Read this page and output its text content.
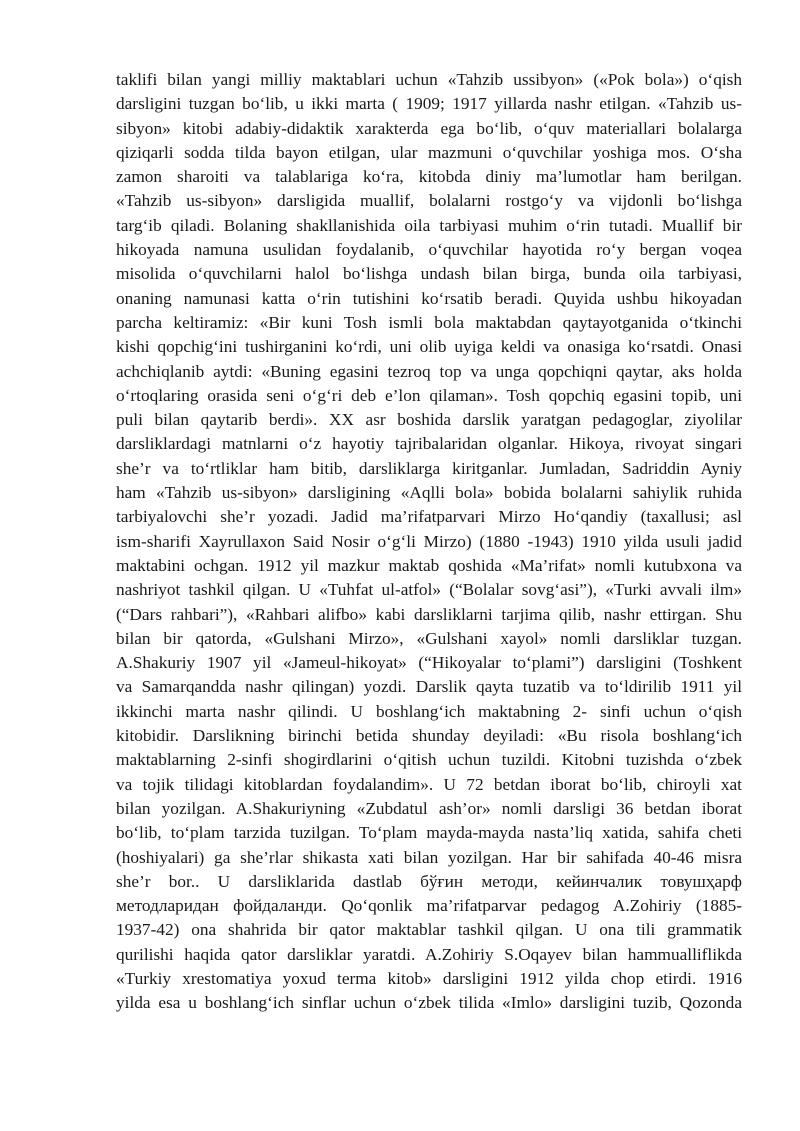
taklifi bilan yangi milliy maktablari uchun «Tahzib ussibyon» («Pok bola») o‘qish
darsligini tuzgan bo‘lib, u ikki marta ( 1909; 1917 yillarda nashr etilgan. «Tahzib us-
sibyon» kitobi adabiy-didaktik xarakterda ega bo‘lib, o‘quv materiallari bolalarga
qiziqarli sodda tilda bayon etilgan, ular mazmuni o‘quvchilar yoshiga mos. O‘sha
zamon sharoiti va talablariga ko‘ra, kitobda diniy ma’lumotlar ham berilgan.
«Tahzib us-sibyon» darsligida muallif, bolalarni rostgo‘y va vijdonli bo‘lishga
targ‘ib qiladi. Bolaning shakllanishida oila tarbiyasi muhim o‘rin tutadi. Muallif bir
hikoyada namuna usulidan foydalanib, o‘quvchilar hayotida ro‘y bergan voqea
misolida o‘quvchilarni halol bo‘lishga undash bilan birga, bunda oila tarbiyasi,
onaning namunasi katta o‘rin tutishini ko‘rsatib beradi. Quyida ushbu hikoyadan
parcha keltiramiz: «Bir kuni Tosh ismli bola maktabdan qaytayotganida o‘tkinchi
kishi qopchig‘ini tushirganini ko‘rdi, uni olib uyiga keldi va onasiga ko‘rsatdi. Onasi
achchiqlanib aytdi: «Buning egasini tezroq top va unga qopchiqni qaytar, aks holda
o‘rtoqlaring orasida seni o‘g‘ri deb e’lon qilaman». Tosh qopchiq egasini topib, uni
puli bilan qaytarib berdi». XX asr boshida darslik yaratgan pedagoglar, ziyolilar
darsliklardagi matnlarni o‘z hayotiy tajribalaridan olganlar. Hikoya, rivoyat singari
she’r va to‘rtliklar ham bitib, darsliklarga kiritganlar. Jumladan, Sadriddin Ayniy
ham «Tahzib us-sibyon» darsligining «Aqlli bola» bobida bolalarni sahiylik ruhida
tarbiyalovchi she’r yozadi. Jadid ma’rifatparvari Mirzo Ho‘qandiy (taxallusi; asl
ism-sharifi Xayrullaxon Said Nosir o‘g‘li Mirzo) (1880 -1943) 1910 yilda usuli jadid
maktabini ochgan. 1912 yil mazkur maktab qoshida «Ma’rifat» nomli kutubxona va
nashriyot tashkil qilgan. U «Tuhfat ul-atfol» (“Bolalar sovg‘asi”), «Turki avvali ilm»
(“Dars rahbari”), «Rahbari alifbo» kabi darsliklarni tarjima qilib, nashr ettirgan. Shu
bilan bir qatorda, «Gulshani Mirzo», «Gulshani xayol» nomli darsliklar tuzgan.
A.Shakuriy 1907 yil «Jameul-hikoyat» (“Hikoyalar to‘plami”) darsligini (Toshkent
va Samarqandda nashr qilingan) yozdi. Darslik qayta tuzatib va to‘ldirilib 1911 yil
ikkinchi marta nashr qilindi. U boshlang‘ich maktabning 2- sinfi uchun o‘qish
kitobidir. Darslikning birinchi betida shunday deyiladi: «Bu risola boshlang‘ich
maktablarning 2-sinfi shogirdlarini o‘qitish uchun tuzildi. Kitobni tuzishda o‘zbek
va tojik tilidagi kitoblardan foydalandim». U 72 betdan iborat bo‘lib, chiroyli xat
bilan yozilgan. A.Shakuriyning «Zubdatul ash’or» nomli darsligi 36 betdan iborat
bo‘lib, to‘plam tarzida tuzilgan. To‘plam mayda-mayda nasta’liq xatida, sahifa cheti
(hoshiyalari) ga she’rlar shikasta xati bilan yozilgan. Har bir sahifada 40-46 misra
she’r bor.. U darsliklarida dastlab бўғин методи, кейинчалик товушҳарф
методларидан фойдаланди. Qo‘qonlik ma’rifatparvar pedagog A.Zohiriy (1885-
1937-42) ona shahrida bir qator maktablar tashkil qilgan. U ona tili grammatik
qurilishi haqida qator darsliklar yaratdi. A.Zohiriy S.Oqayev bilan hammualliflikda
«Turkiy xrestomatiya yoxud terma kitob» darsligini 1912 yilda chop etirdi. 1916
yilda esa u boshlang‘ich sinflar uchun o‘zbek tilida «Imlo» darsligini tuzib, Qozonda
